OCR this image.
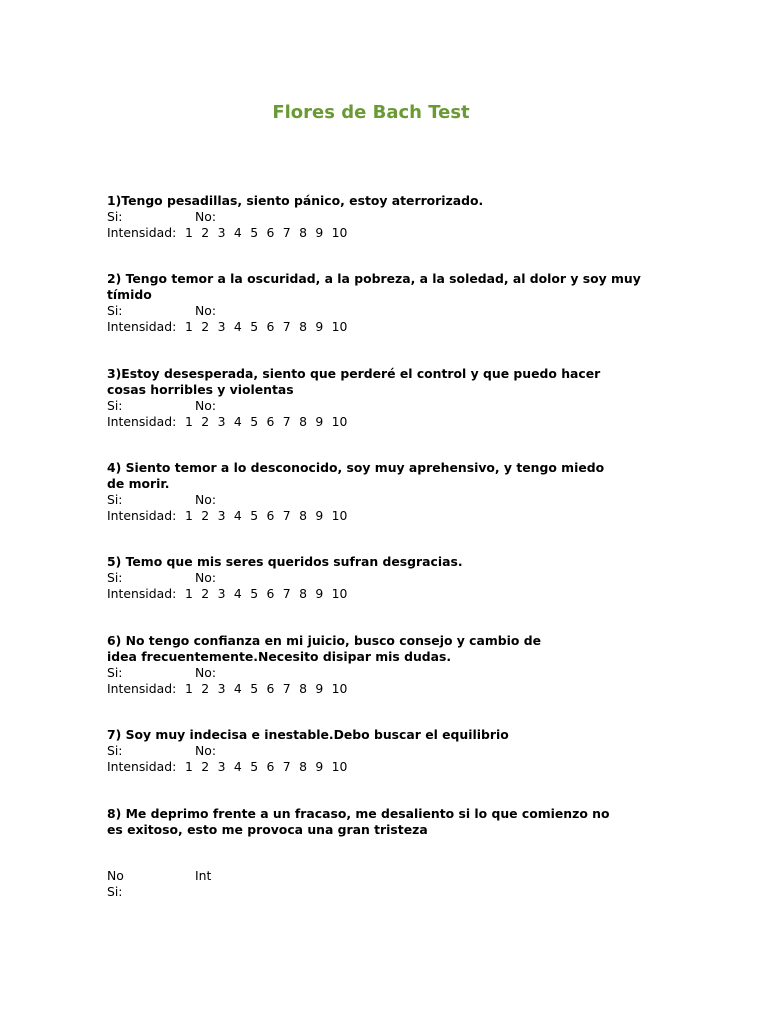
Flores de Bach Test
1)Tengo pesadillas, siento pánico, estoy aterrorizado.
Si:	No:
Intensidad: 1 2 3 4 5 6 7 8 9 10
2) Tengo temor a la oscuridad, a la pobreza, a la soledad, al dolor y soy muy
tímido
Si:	No:
Intensidad: 1 2 3 4 5 6 7 8 9 10
3)Estoy desesperada, siento que perderé el control y que puedo hacer
cosas horribles y violentas
Si:	No:
Intensidad: 1 2 3 4 5 6 7 8 9 10
4) Siento temor a lo desconocido, soy muy aprehensivo, y tengo miedo
de morir.
Si:	No:
Intensidad: 1 2 3 4 5 6 7 8 9 10
5) Temo que mis seres queridos sufran desgracias.
Si:	No:
Intensidad: 1 2 3 4 5 6 7 8 9 10
6) No tengo confianza en mi juicio, busco consejo y cambio de
idea frecuentemente.Necesito disipar mis dudas.
Si:	No:
Intensidad: 1 2 3 4 5 6 7 8 9 10
7) Soy muy indecisa e inestable.Debo buscar el equilibrio
Si:	No:
Intensidad: 1 2 3 4 5 6 7 8 9 10
8) Me deprimo frente a un fracaso, me desaliento si lo que comienzo no
es exitoso, esto me provoca una gran tristeza
No	Int
Si:
